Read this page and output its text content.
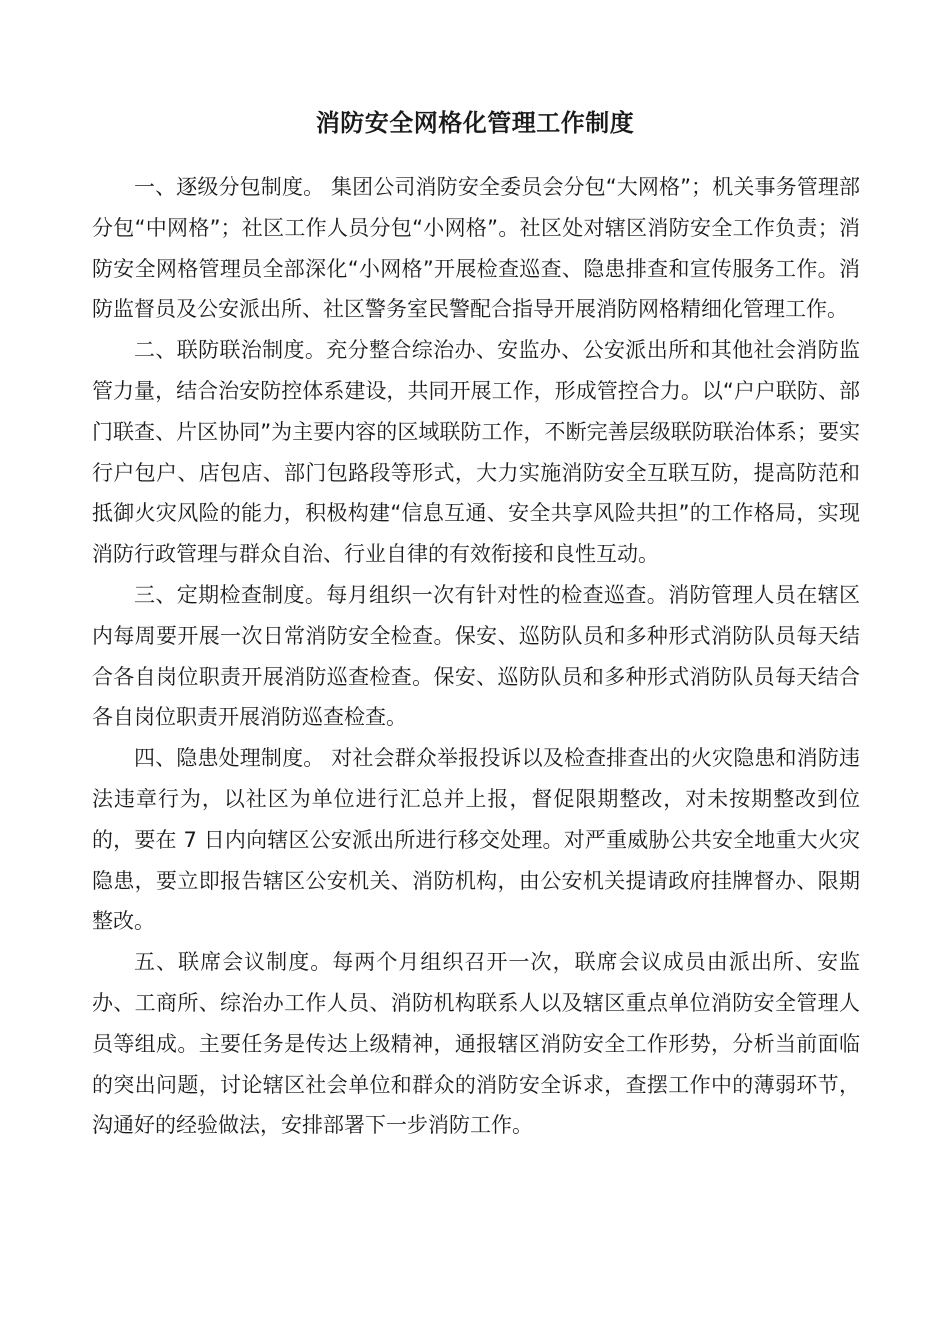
消防安全网格化管理工作制度

一、逐级分包制度。 集团公司消防安全委员会分包“大网格”；机关事务管理部分包“中网格”；社区工作人员分包“小网格”。社区处对辖区消防安全工作负责；消防安全网格管理员全部深化“小网格”开展检查巡查、隐患排查和宣传服务工作。消防监督员及公安派出所、社区警务室民警配合指导开展消防网格精细化管理工作。

二、联防联治制度。充分整合综治办、安监办、公安派出所和其他社会消防监管力量，结合治安防控体系建设，共同开展工作，形成管控合力。以“户户联防、部门联查、片区协同”为主要内容的区域联防工作，不断完善层级联防联治体系；要实行户包户、店包店、部门包路段等形式，大力实施消防安全互联互防，提高防范和抵御火灾风险的能力，积极构建“信息互通、安全共享风险共担”的工作格局，实现消防行政管理与群众自治、行业自律的有效衔接和良性互动。

三、定期检查制度。每月组织一次有针对性的检查巡查。消防管理人员在辖区内每周要开展一次日常消防安全检查。保安、巡防队员和多种形式消防队员每天结合各自岗位职责开展消防巡查检查。保安、巡防队员和多种形式消防队员每天结合各自岗位职责开展消防巡查检查。

四、隐患处理制度。 对社会群众举报投诉以及检查排查出的火灾隐患和消防违法违章行为，以社区为单位进行汇总并上报，督促限期整改，对未按期整改到位的，要在 7 日内向辖区公安派出所进行移交处理。对严重威胁公共安全地重大火灾隐患，要立即报告辖区公安机关、消防机构，由公安机关提请政府挂牌督办、限期整改。

五、联席会议制度。每两个月组织召开一次，联席会议成员由派出所、安监办、工商所、综治办工作人员、消防机构联系人以及辖区重点单位消防安全管理人员等组成。主要任务是传达上级精神，通报辖区消防安全工作形势，分析当前面临的突出问题，讨论辖区社会单位和群众的消防安全诉求，查摆工作中的薄弱环节，沟通好的经验做法，安排部署下一步消防工作。
